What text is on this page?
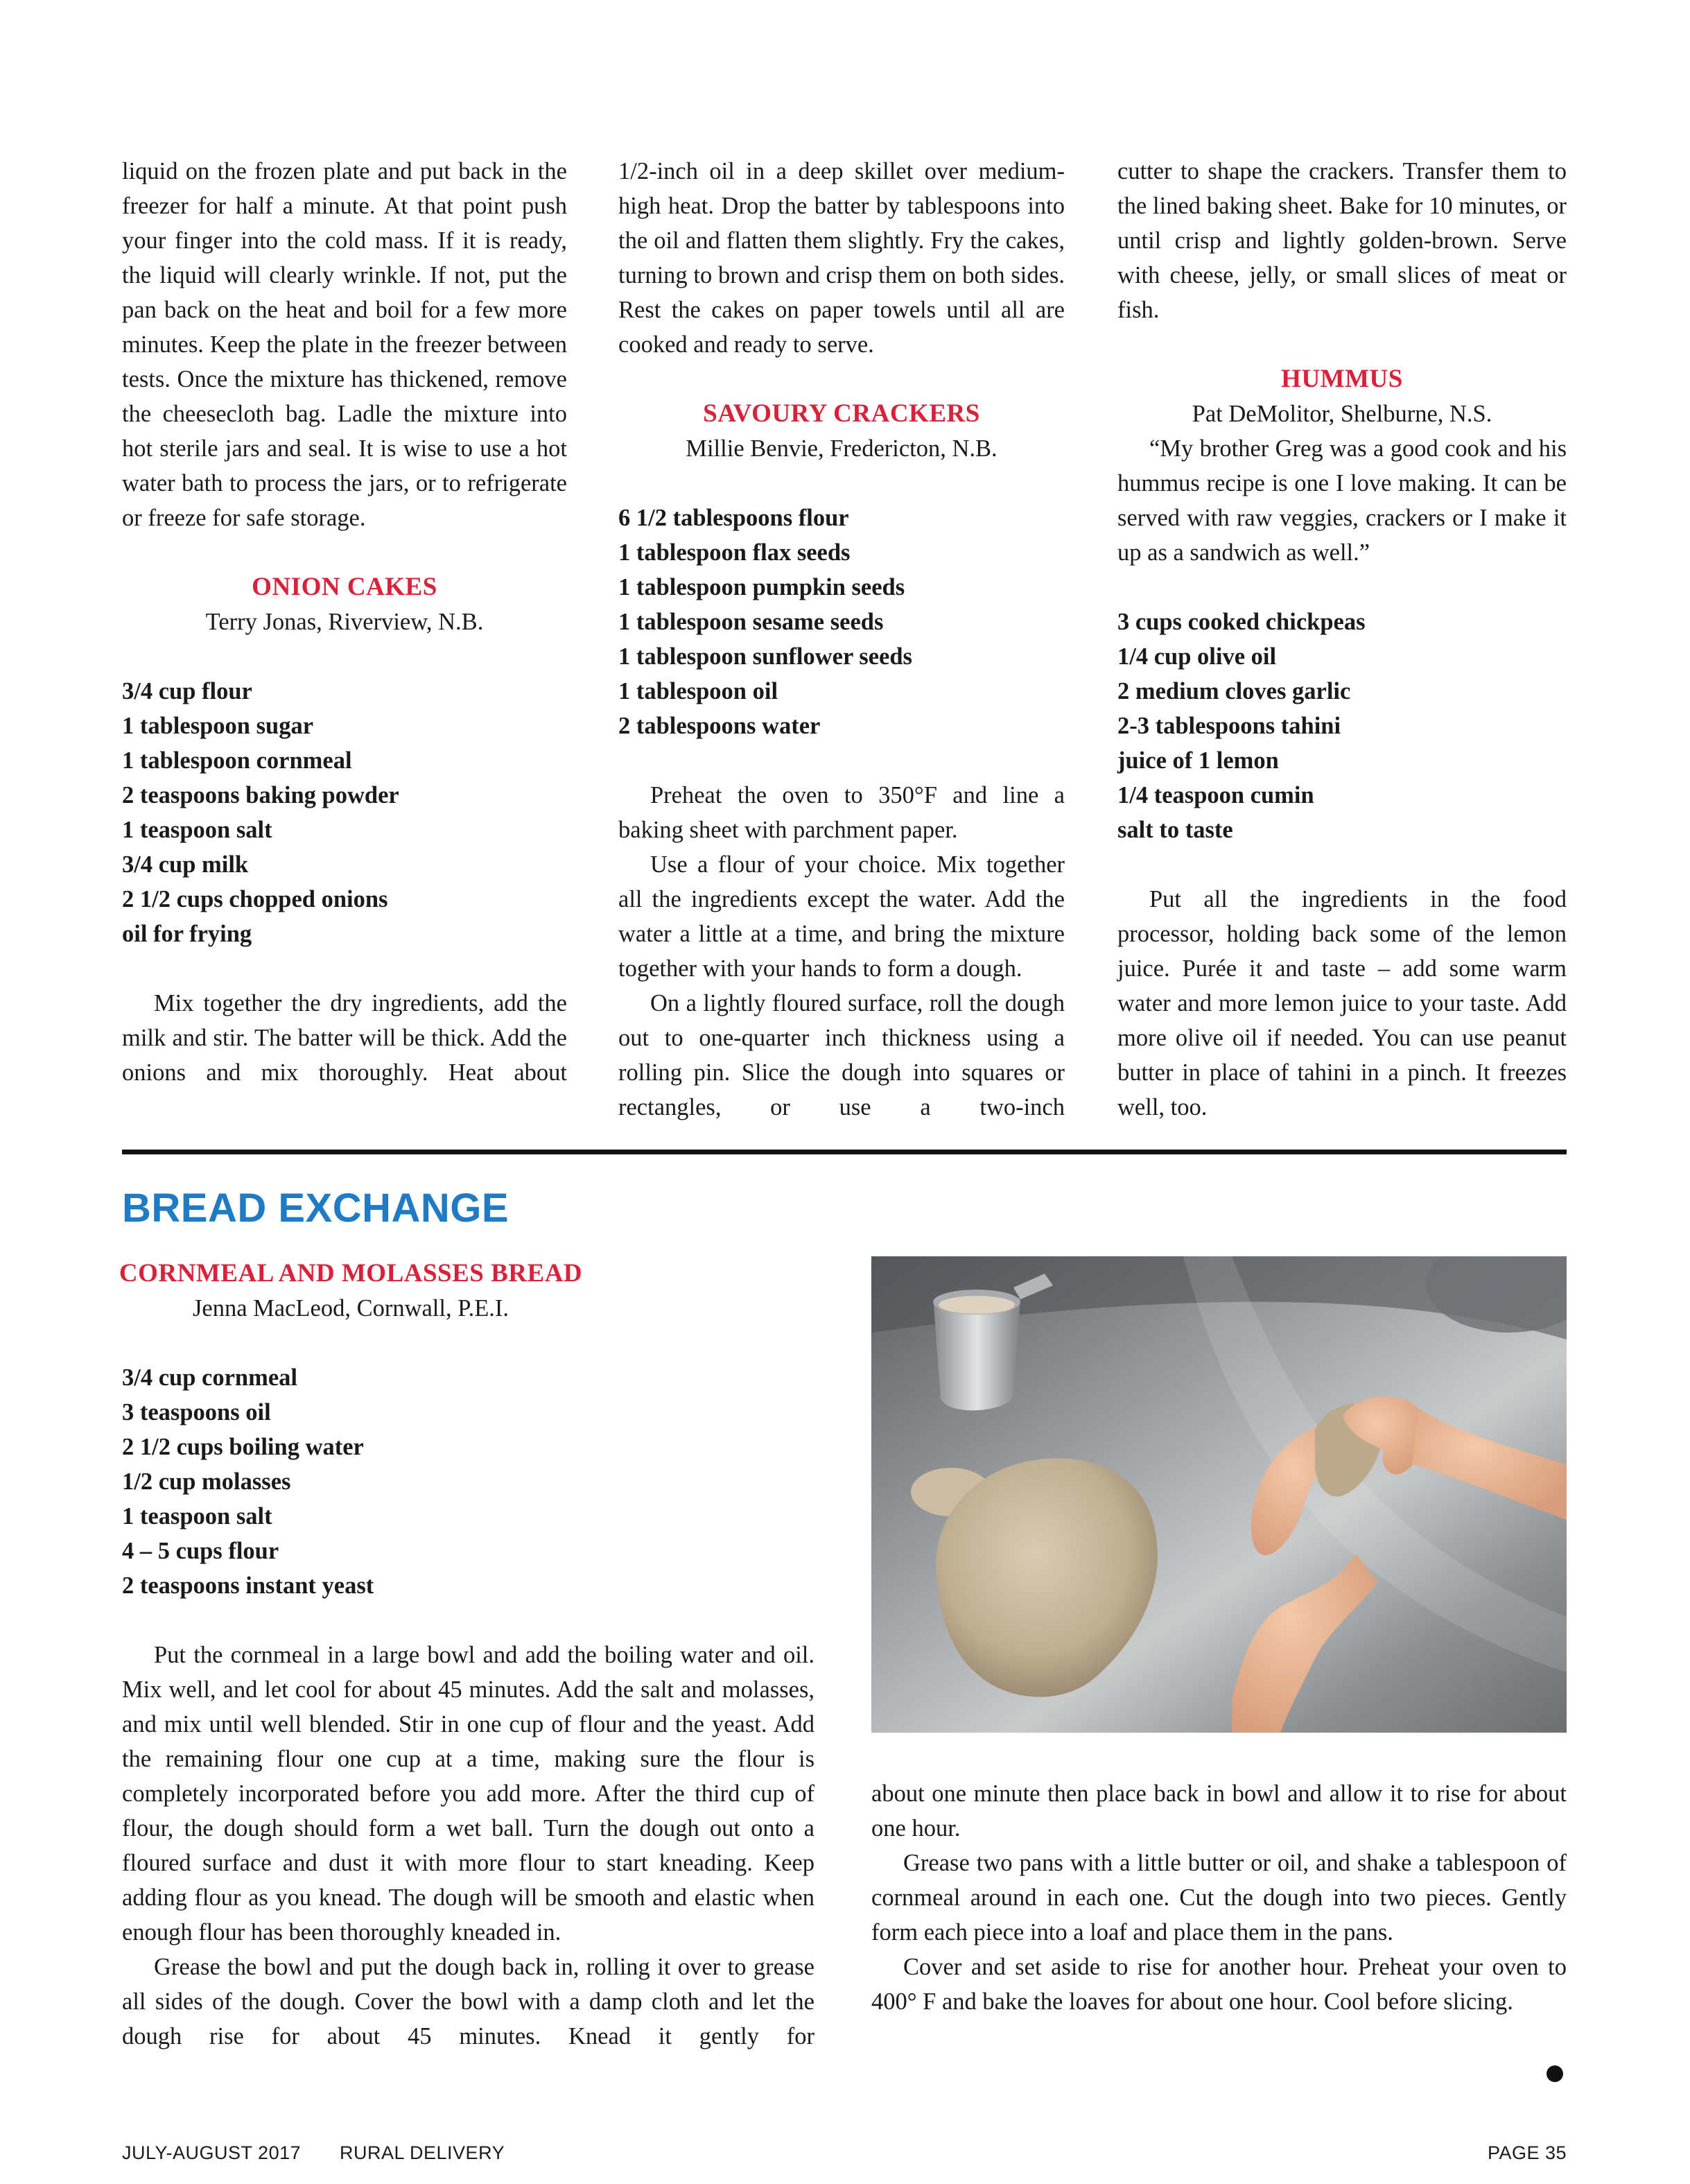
liquid on the frozen plate and put back in the freezer for half a minute. At that point push your finger into the cold mass. If it is ready, the liquid will clearly wrinkle. If not, put the pan back on the heat and boil for a few more minutes. Keep the plate in the freezer between tests. Once the mixture has thickened, remove the cheesecloth bag. Ladle the mixture into hot sterile jars and seal. It is wise to use a hot water bath to process the jars, or to refrigerate or freeze for safe storage.

ONION CAKES
Terry Jonas, Riverview, N.B.
3/4 cup flour
1 tablespoon sugar
1 tablespoon cornmeal
2 teaspoons baking powder
1 teaspoon salt
3/4 cup milk
2 1/2 cups chopped onions
oil for frying

Mix together the dry ingredients, add the milk and stir. The batter will be thick. Add the onions and mix thoroughly. Heat about

1/2-inch oil in a deep skillet over medium-high heat. Drop the batter by tablespoons into the oil and flatten them slightly. Fry the cakes, turning to brown and crisp them on both sides. Rest the cakes on paper towels until all are cooked and ready to serve.

SAVOURY CRACKERS
Millie Benvie, Fredericton, N.B.
6 1/2 tablespoons flour
1 tablespoon flax seeds
1 tablespoon pumpkin seeds
1 tablespoon sesame seeds
1 tablespoon sunflower seeds
1 tablespoon oil
2 tablespoons water

Preheat the oven to 350°F and line a baking sheet with parchment paper.

Use a flour of your choice. Mix together all the ingredients except the water. Add the water a little at a time, and bring the mixture together with your hands to form a dough.

On a lightly floured surface, roll the dough out to one-quarter inch thickness using a rolling pin. Slice the dough into squares or rectangles, or use a two-inch

cutter to shape the crackers. Transfer them to the lined baking sheet. Bake for 10 minutes, or until crisp and lightly golden-brown. Serve with cheese, jelly, or small slices of meat or fish.

HUMMUS
Pat DeMolitor, Shelburne, N.S.

“My brother Greg was a good cook and his hummus recipe is one I love making. It can be served with raw veggies, crackers or I make it up as a sandwich as well.”

3 cups cooked chickpeas
1/4 cup olive oil
2 medium cloves garlic
2-3 tablespoons tahini
juice of 1 lemon
1/4 teaspoon cumin
salt to taste

Put all the ingredients in the food processor, holding back some of the lemon juice. Purée it and taste – add some warm water and more lemon juice to your taste. Add more olive oil if needed. You can use peanut butter in place of tahini in a pinch. It freezes well, too.

BREAD EXCHANGE
CORNMEAL AND MOLASSES BREAD
Jenna MacLeod, Cornwall, P.E.I.
3/4 cup cornmeal
3 teaspoons oil
2 1/2 cups boiling water
1/2 cup molasses
1 teaspoon salt
4 – 5 cups flour
2 teaspoons instant yeast

Put the cornmeal in a large bowl and add the boiling water and oil. Mix well, and let cool for about 45 minutes. Add the salt and molasses, and mix until well blended. Stir in one cup of flour and the yeast. Add the remaining flour one cup at a time, making sure the flour is completely incorporated before you add more. After the third cup of flour, the dough should form a wet ball. Turn the dough out onto a floured surface and dust it with more flour to start kneading. Keep adding flour as you knead. The dough will be smooth and elastic when enough flour has been thoroughly kneaded in.

Grease the bowl and put the dough back in, rolling it over to grease all sides of the dough. Cover the bowl with a damp cloth and let the dough rise for about 45 minutes. Knead it gently for

about one minute then place back in bowl and allow it to rise for about one hour.

Grease two pans with a little butter or oil, and shake a tablespoon of cornmeal around in each one. Cut the dough into two pieces. Gently form each piece into a loaf and place them in the pans.

Cover and set aside to rise for another hour. Preheat your oven to 400° F and bake the loaves for about one hour. Cool before slicing.

JULY-AUGUST 2017 RURAL DELIVERY	PAGE 35
